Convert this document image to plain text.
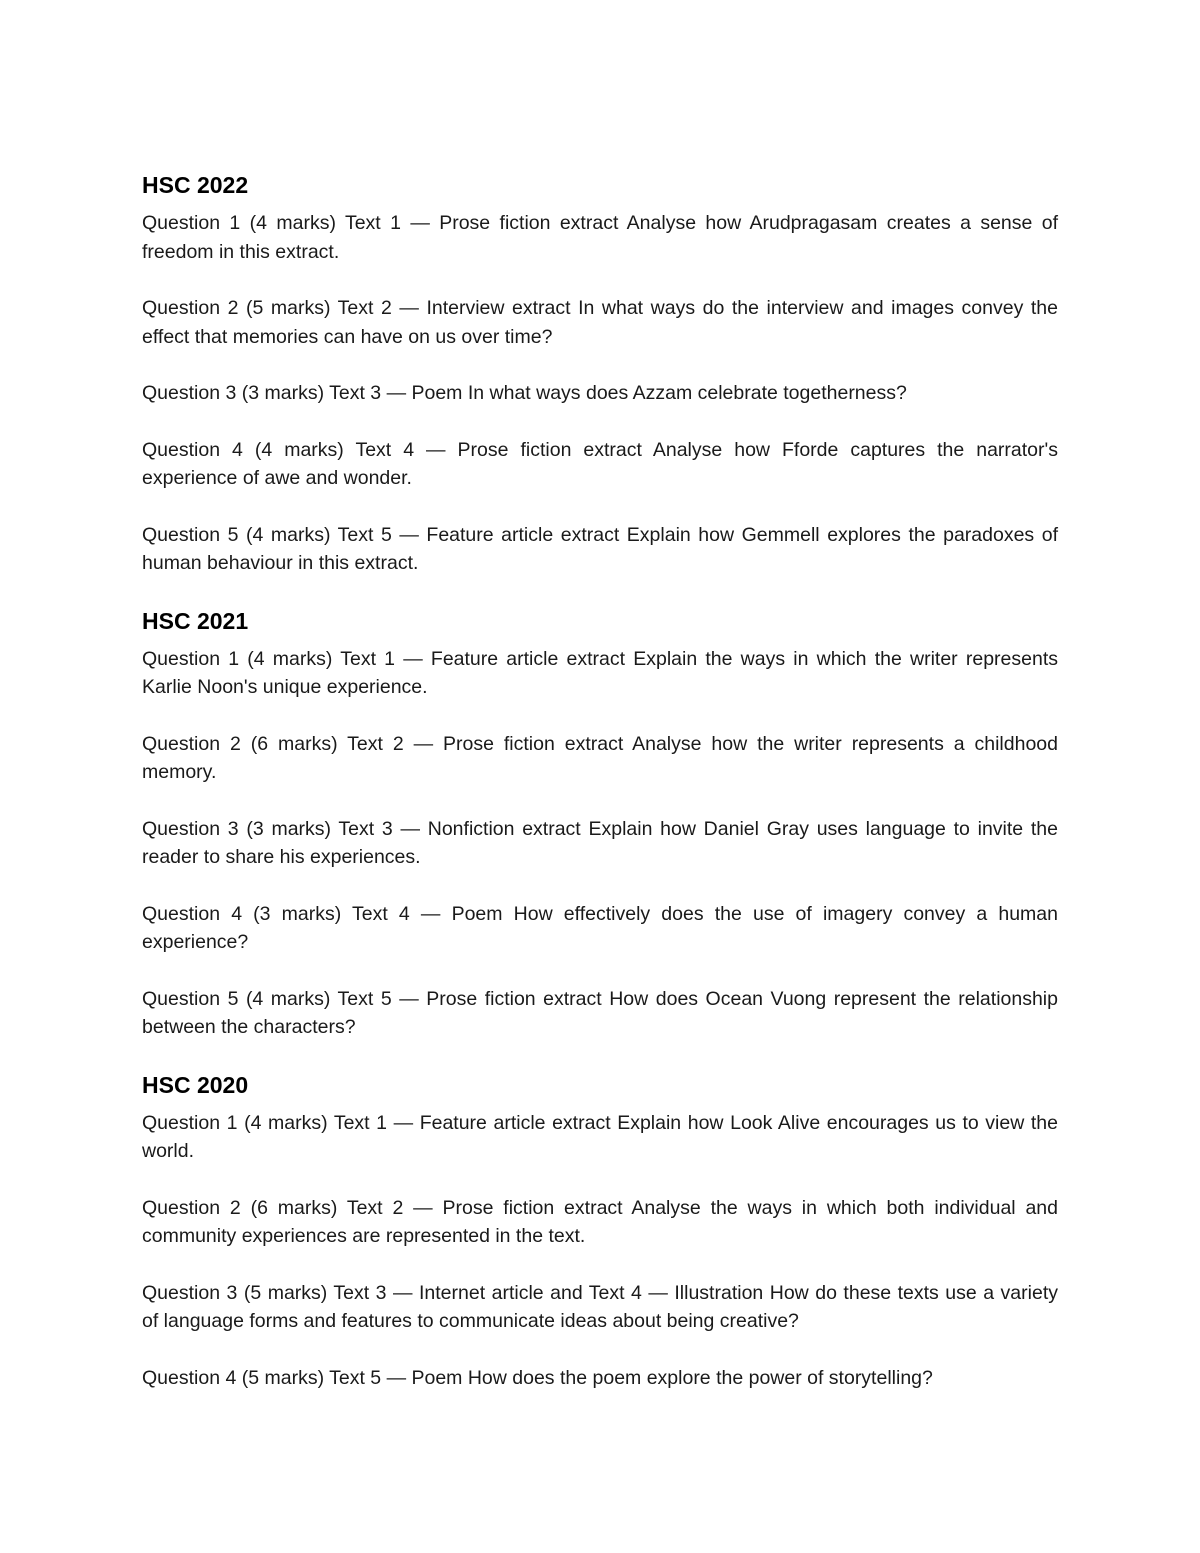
HSC 2022

Question 1 (4 marks) Text 1 — Prose fiction extract Analyse how Arudpragasam creates a sense of freedom in this extract.

Question 2 (5 marks) Text 2 — Interview extract In what ways do the interview and images convey the effect that memories can have on us over time?

Question 3 (3 marks) Text 3 — Poem In what ways does Azzam celebrate togetherness?

Question 4 (4 marks) Text 4 — Prose fiction extract Analyse how Fforde captures the narrator's experience of awe and wonder.

Question 5 (4 marks) Text 5 — Feature article extract Explain how Gemmell explores the paradoxes of human behaviour in this extract.

HSC 2021

Question 1 (4 marks) Text 1 — Feature article extract Explain the ways in which the writer represents Karlie Noon's unique experience.

Question 2 (6 marks) Text 2 — Prose fiction extract Analyse how the writer represents a childhood memory.

Question 3 (3 marks) Text 3 — Nonfiction extract Explain how Daniel Gray uses language to invite the reader to share his experiences.

Question 4 (3 marks) Text 4 — Poem How effectively does the use of imagery convey a human experience?

Question 5 (4 marks) Text 5 — Prose fiction extract How does Ocean Vuong represent the relationship between the characters?

HSC 2020

Question 1 (4 marks) Text 1 — Feature article extract Explain how Look Alive encourages us to view the world.

Question 2 (6 marks) Text 2 — Prose fiction extract Analyse the ways in which both individual and community experiences are represented in the text.

Question 3 (5 marks) Text 3 — Internet article and Text 4 — Illustration How do these texts use a variety of language forms and features to communicate ideas about being creative?

Question 4 (5 marks) Text 5 — Poem How does the poem explore the power of storytelling?
